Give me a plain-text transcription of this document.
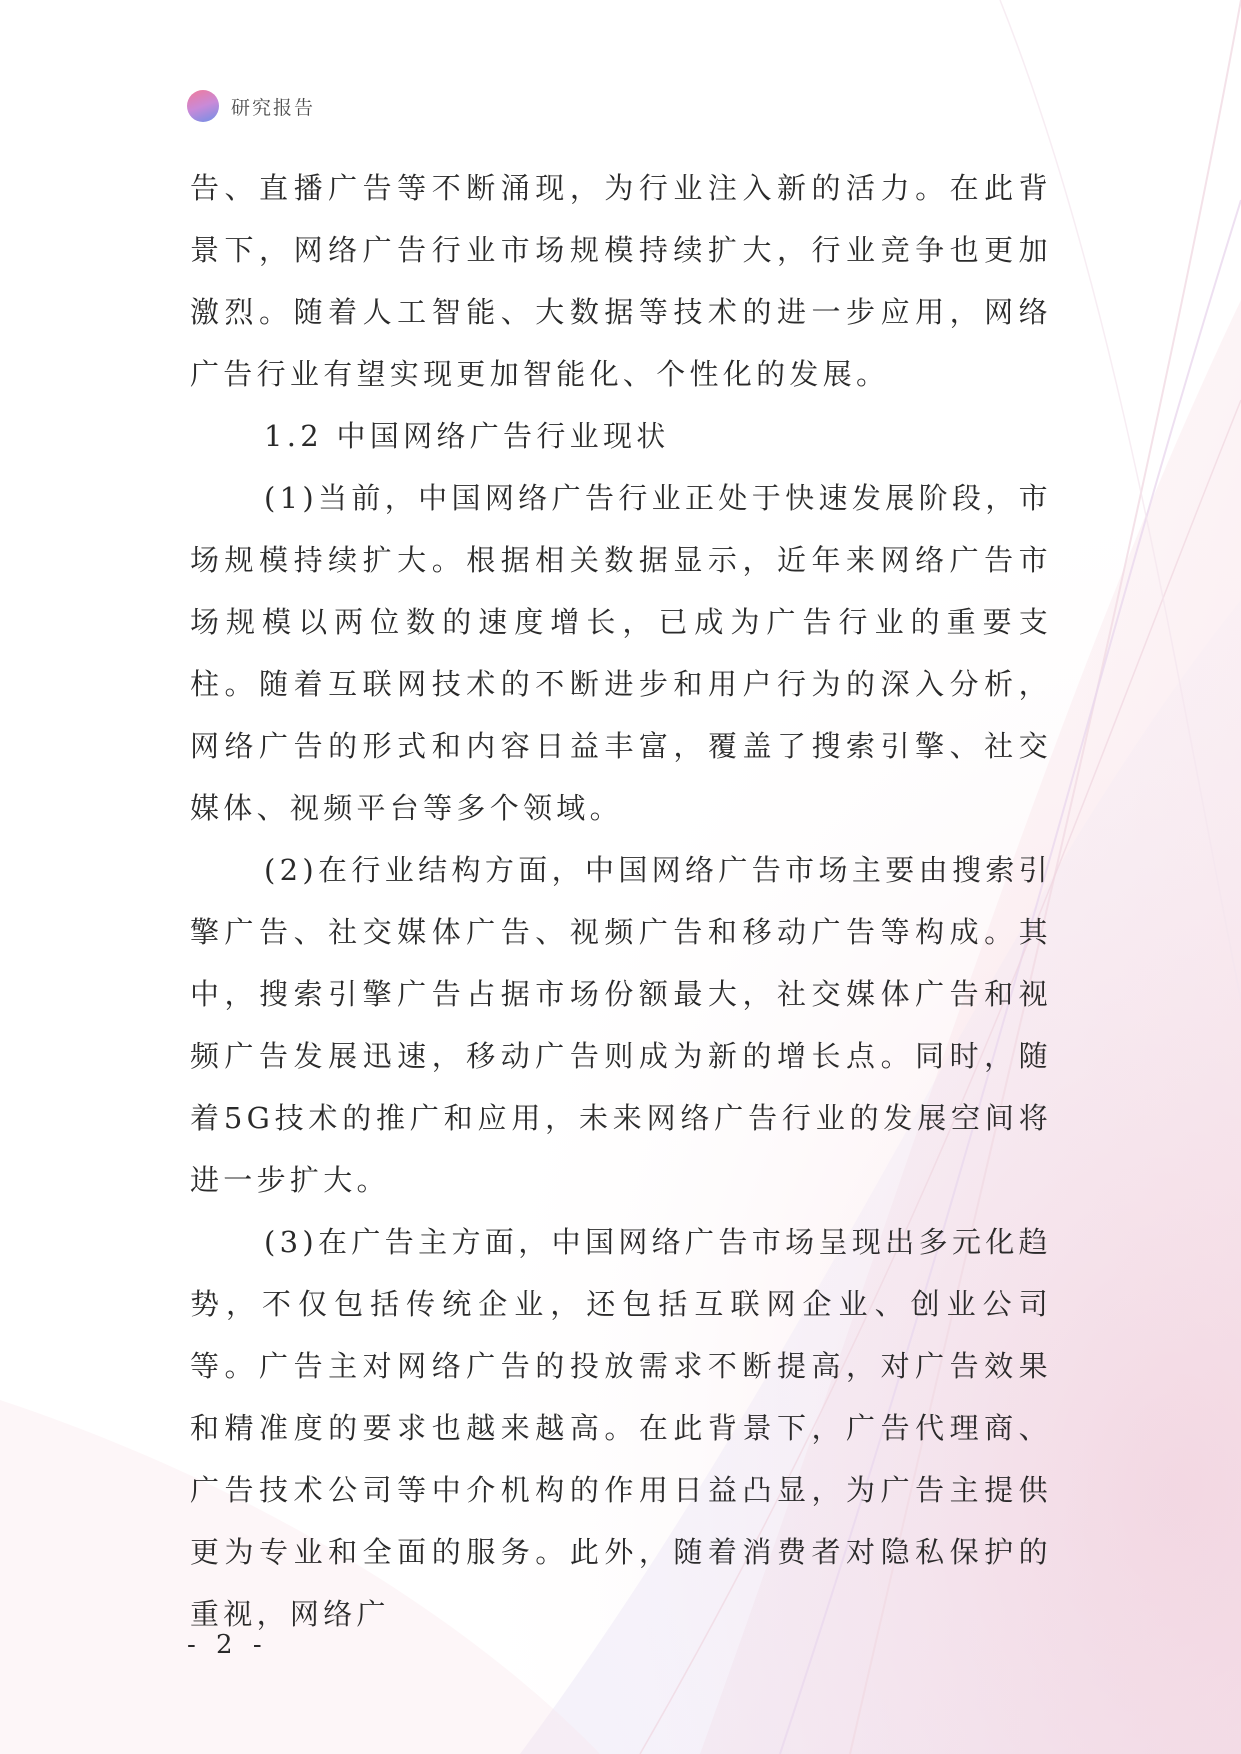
研究报告

告、直播广告等不断涌现，为行业注入新的活力。在此背景下，网络广告行业市场规模持续扩大，行业竞争也更加激烈。随着人工智能、大数据等技术的进一步应用，网络广告行业有望实现更加智能化、个性化的发展。

1.2 中国网络广告行业现状

(1)当前，中国网络广告行业正处于快速发展阶段，市场规模持续扩大。根据相关数据显示，近年来网络广告市场规模以两位数的速度增长，已成为广告行业的重要支柱。随着互联网技术的不断进步和用户行为的深入分析，网络广告的形式和内容日益丰富，覆盖了搜索引擎、社交媒体、视频平台等多个领域。

(2)在行业结构方面，中国网络广告市场主要由搜索引擎广告、社交媒体广告、视频广告和移动广告等构成。其中，搜索引擎广告占据市场份额最大，社交媒体广告和视频广告发展迅速，移动广告则成为新的增长点。同时，随着5G技术的推广和应用，未来网络广告行业的发展空间将进一步扩大。

(3)在广告主方面，中国网络广告市场呈现出多元化趋势，不仅包括传统企业，还包括互联网企业、创业公司等。广告主对网络广告的投放需求不断提高，对广告效果和精准度的要求也越来越高。在此背景下，广告代理商、广告技术公司等中介机构的作用日益凸显，为广告主提供更为专业和全面的服务。此外，随着消费者对隐私保护的重视，网络广

- 2 -
